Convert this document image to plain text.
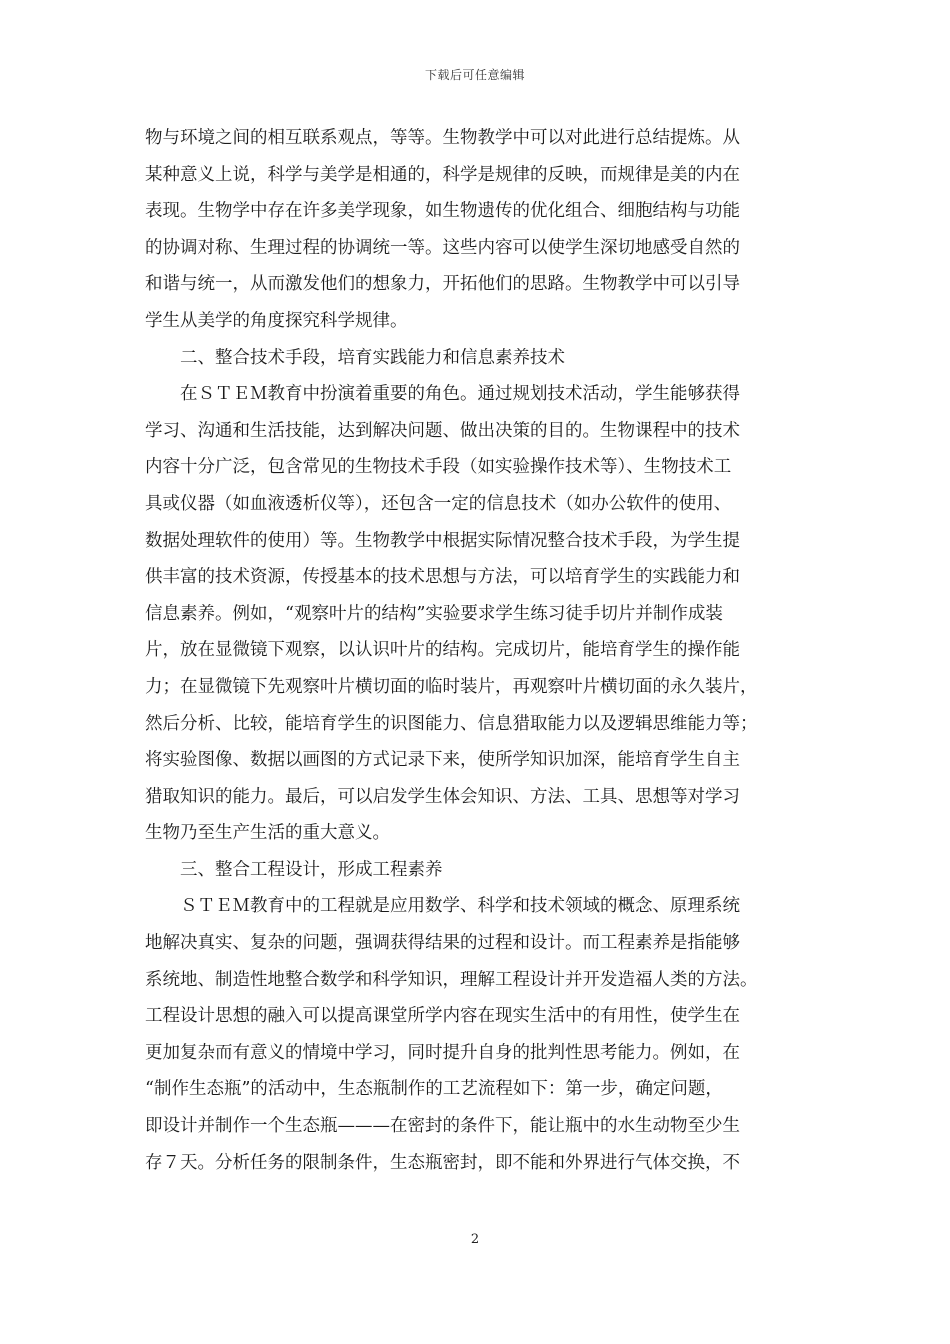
下载后可任意编辑
物与环境之间的相互联系观点，等等。生物教学中可以对此进行总结提炼。从
某种意义上说，科学与美学是相通的，科学是规律的反映，而规律是美的内在
表现。生物学中存在许多美学现象，如生物遗传的优化组合、细胞结构与功能
的协调对称、生理过程的协调统一等。这些内容可以使学生深切地感受自然的
和谐与统一，从而激发他们的想象力，开拓他们的思路。生物教学中可以引导
学生从美学的角度探究科学规律。
二、整合技术手段，培育实践能力和信息素养技术
在ＳＴＥＭ教育中扮演着重要的角色。通过规划技术活动，学生能够获得
学习、沟通和生活技能，达到解决问题、做出决策的目的。生物课程中的技术
内容十分广泛，包含常见的生物技术手段（如实验操作技术等）、生物技术工
具或仪器（如血液透析仪等），还包含一定的信息技术（如办公软件的使用、
数据处理软件的使用）等。生物教学中根据实际情况整合技术手段，为学生提
供丰富的技术资源，传授基本的技术思想与方法，可以培育学生的实践能力和
信息素养。例如，“观察叶片的结构”实验要求学生练习徒手切片并制作成装
片，放在显微镜下观察，以认识叶片的结构。完成切片，能培育学生的操作能
力；在显微镜下先观察叶片横切面的临时装片，再观察叶片横切面的永久装片，
然后分析、比较，能培育学生的识图能力、信息猎取能力以及逻辑思维能力等；
将实验图像、数据以画图的方式记录下来，使所学知识加深，能培育学生自主
猎取知识的能力。最后，可以启发学生体会知识、方法、工具、思想等对学习
生物乃至生产生活的重大意义。
三、整合工程设计，形成工程素养
ＳＴＥＭ教育中的工程就是应用数学、科学和技术领域的概念、原理系统
地解决真实、复杂的问题，强调获得结果的过程和设计。而工程素养是指能够
系统地、制造性地整合数学和科学知识，理解工程设计并开发造福人类的方法。
工程设计思想的融入可以提高课堂所学内容在现实生活中的有用性，使学生在
更加复杂而有意义的情境中学习，同时提升自身的批判性思考能力。例如，在
“制作生态瓶”的活动中，生态瓶制作的工艺流程如下：第一步，确定问题，
即设计并制作一个生态瓶———在密封的条件下，能让瓶中的水生动物至少生
存７天。分析任务的限制条件，生态瓶密封，即不能和外界进行气体交换，不
2
